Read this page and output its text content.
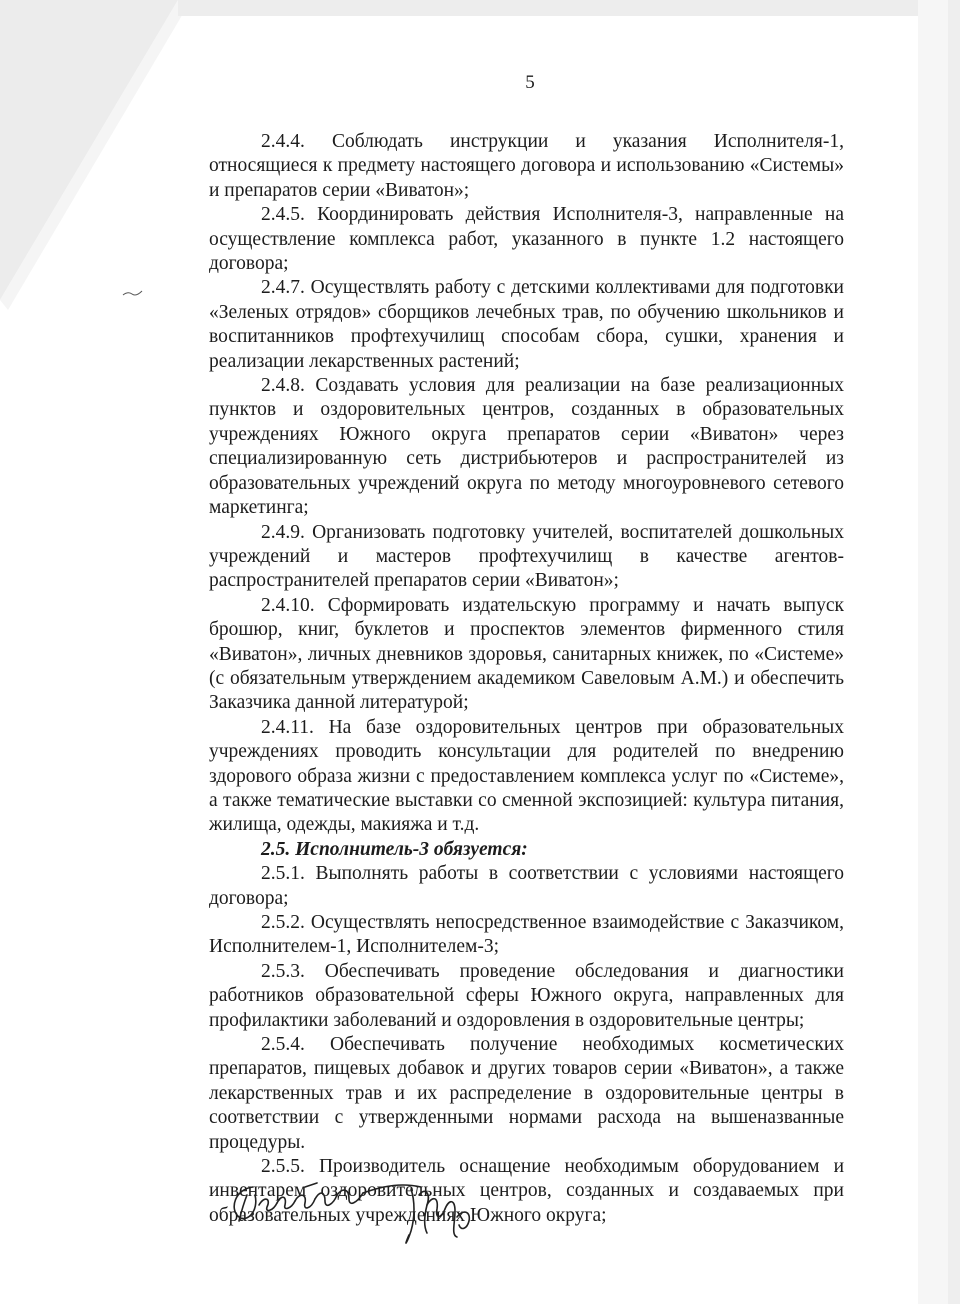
5

2.4.4. Соблюдать инструкции и указания Исполнителя-1, относящиеся к предмету настоящего договора и использованию «Системы» и препаратов серии «Виватон»;

2.4.5. Координировать действия Исполнителя-3, направленные на осуществление комплекса работ, указанного в пункте 1.2 настоящего договора;

2.4.7. Осуществлять работу с детскими коллективами для подготовки «Зеленых отрядов» сборщиков лечебных трав, по обучению школьников и воспитанников профтехучилищ способам сбора, сушки, хранения и реализации лекарственных растений;

2.4.8. Создавать условия для реализации на базе реализационных пунктов и оздоровительных центров, созданных в образовательных учреждениях Южного округа препаратов серии «Виватон» через специализированную сеть дистрибьютеров и распространителей из образовательных учреждений округа по методу многоуровневого сетевого маркетинга;

2.4.9. Организовать подготовку учителей, воспитателей дошкольных учреждений и мастеров профтехучилищ в качестве агентов-распространителей препаратов серии «Виватон»;

2.4.10. Сформировать издательскую программу и начать выпуск брошюр, книг, буклетов и проспектов элементов фирменного стиля «Виватон», личных дневников здоровья, санитарных книжек, по «Системе» (с обязательным утверждением академиком Савеловым А.М.) и обеспечить Заказчика данной литературой;

2.4.11. На базе оздоровительных центров при образовательных учреждениях проводить консультации для родителей по внедрению здорового образа жизни с предоставлением комплекса услуг по «Системе», а также тематические выставки со сменной экспозицией: культура питания, жилища, одежды, макияжа и т.д.

2.5. Исполнитель-3 обязуется:

2.5.1. Выполнять работы в соответствии с условиями настоящего договора;

2.5.2. Осуществлять непосредственное взаимодействие с Заказчиком, Исполнителем-1, Исполнителем-3;

2.5.3. Обеспечивать проведение обследования и диагностики работников образовательной сферы Южного округа, направленных для профилактики заболеваний и оздоровления в оздоровительные центры;

2.5.4. Обеспечивать получение необходимых косметических препаратов, пищевых добавок и других товаров серии «Виватон», а также лекарственных трав и их распределение в оздоровительные центры в соответствии с утвержденными нормами расхода на вышеназванные процедуры.

2.5.5. Производитель оснащение необходимым оборудованием и инвентарем оздоровительных центров, созданных и создаваемых при образовательных учреждениях Южного округа;
